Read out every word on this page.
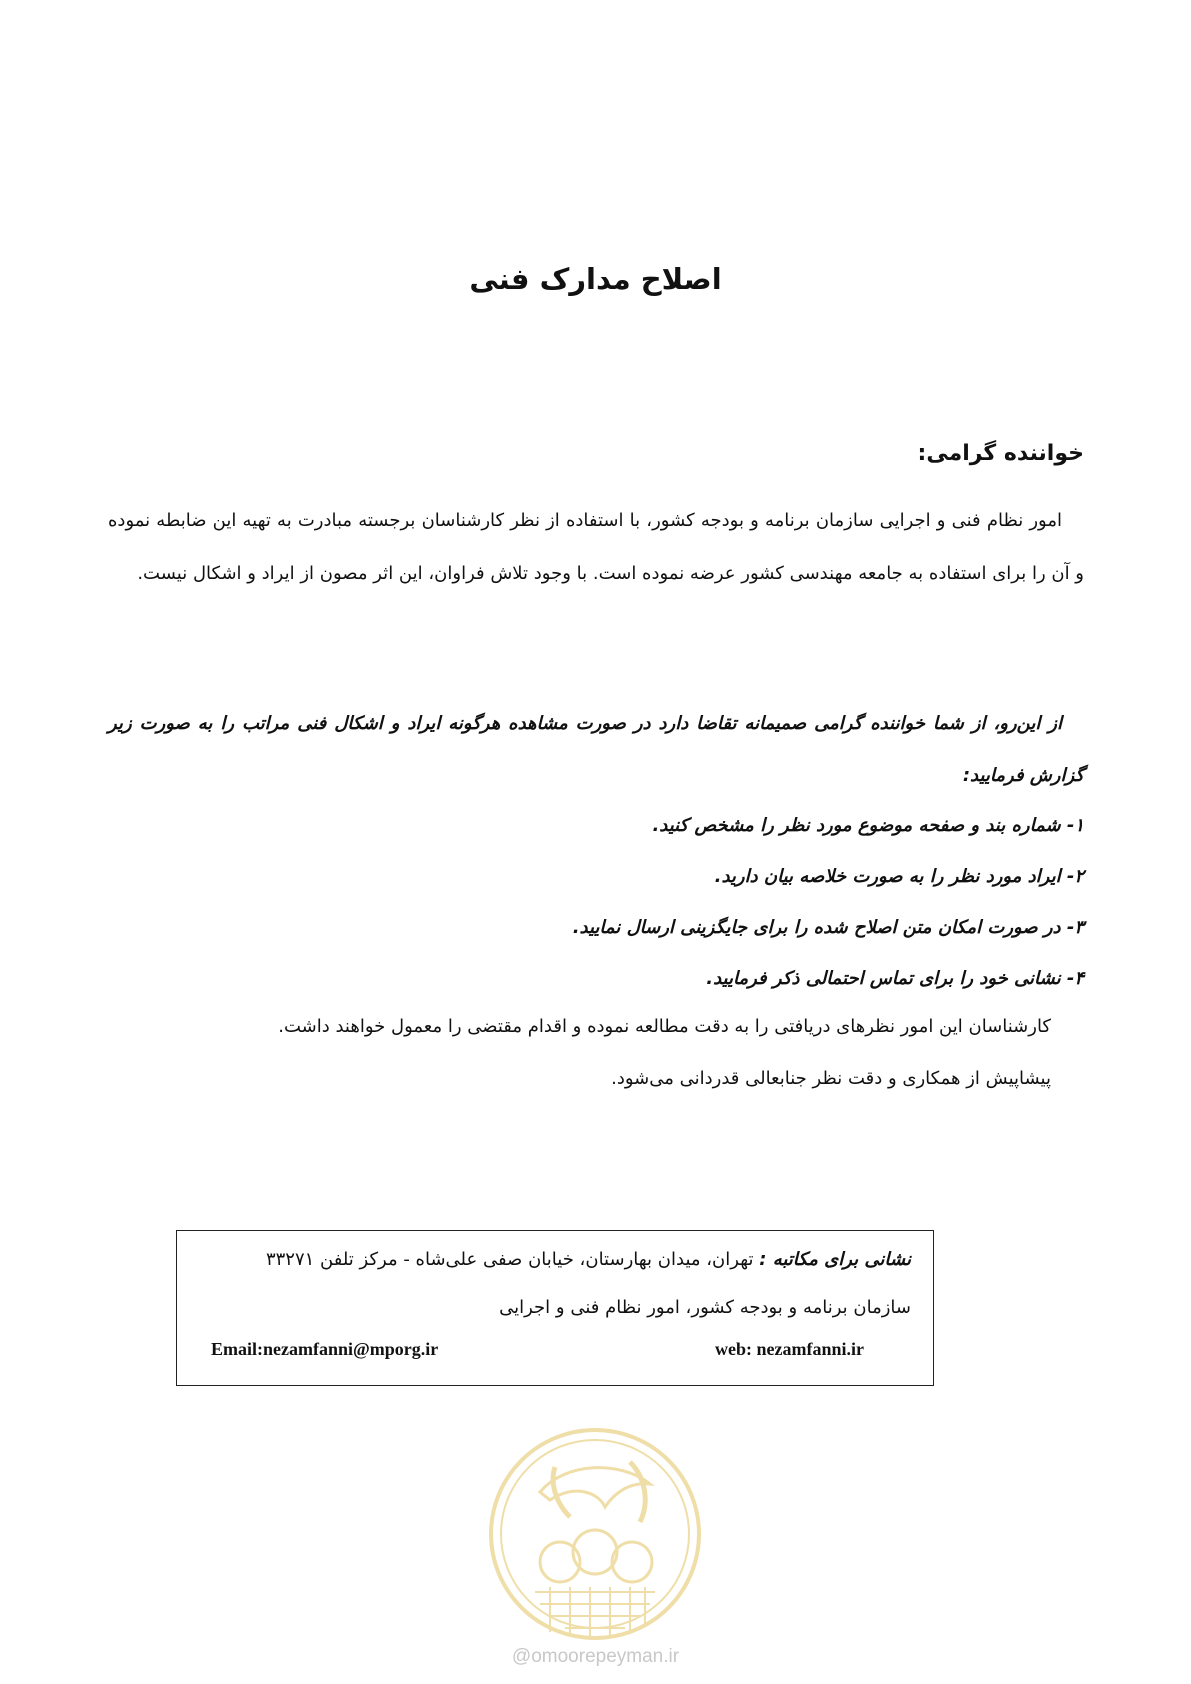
اصلاح مدارک فنی
خواننده گرامی:
امور نظام فنی و اجرایی سازمان برنامه و بودجه کشور، با استفاده از نظر کارشناسان برجسته مبادرت به تهیه این ضابطه نموده و آن را برای استفاده به جامعه مهندسی کشور عرضه نموده است. با وجود تلاش فراوان، این اثر مصون از ایراد و اشکال نیست.
از این‌رو، از شما خواننده گرامی صمیمانه تقاضا دارد در صورت مشاهده هرگونه ایراد و اشکال فنی مراتب را به صورت زیر گزارش فرمایید:
۱- شماره بند و صفحه موضوع مورد نظر را مشخص کنید.
۲- ایراد مورد نظر را به صورت خلاصه بیان دارید.
۳- در صورت امکان متن اصلاح شده را برای جایگزینی ارسال نمایید.
۴- نشانی خود را برای تماس احتمالی ذکر فرمایید.
کارشناسان این امور نظرهای دریافتی را به دقت مطالعه نموده و اقدام مقتضی را معمول خواهند داشت.
پیشاپیش از همکاری و دقت نظر جنابعالی قدردانی می‌شود.
نشانی برای مکاتبه : تهران، میدان بهارستان، خیابان صفی علی‌شاه - مرکز تلفن ۳۳۲۷۱
سازمان برنامه و بودجه کشور، امور نظام فنی و اجرایی
Email:nezamfanni@mporg.ir	web: nezamfanni.ir
@omoorepeyman.ir
